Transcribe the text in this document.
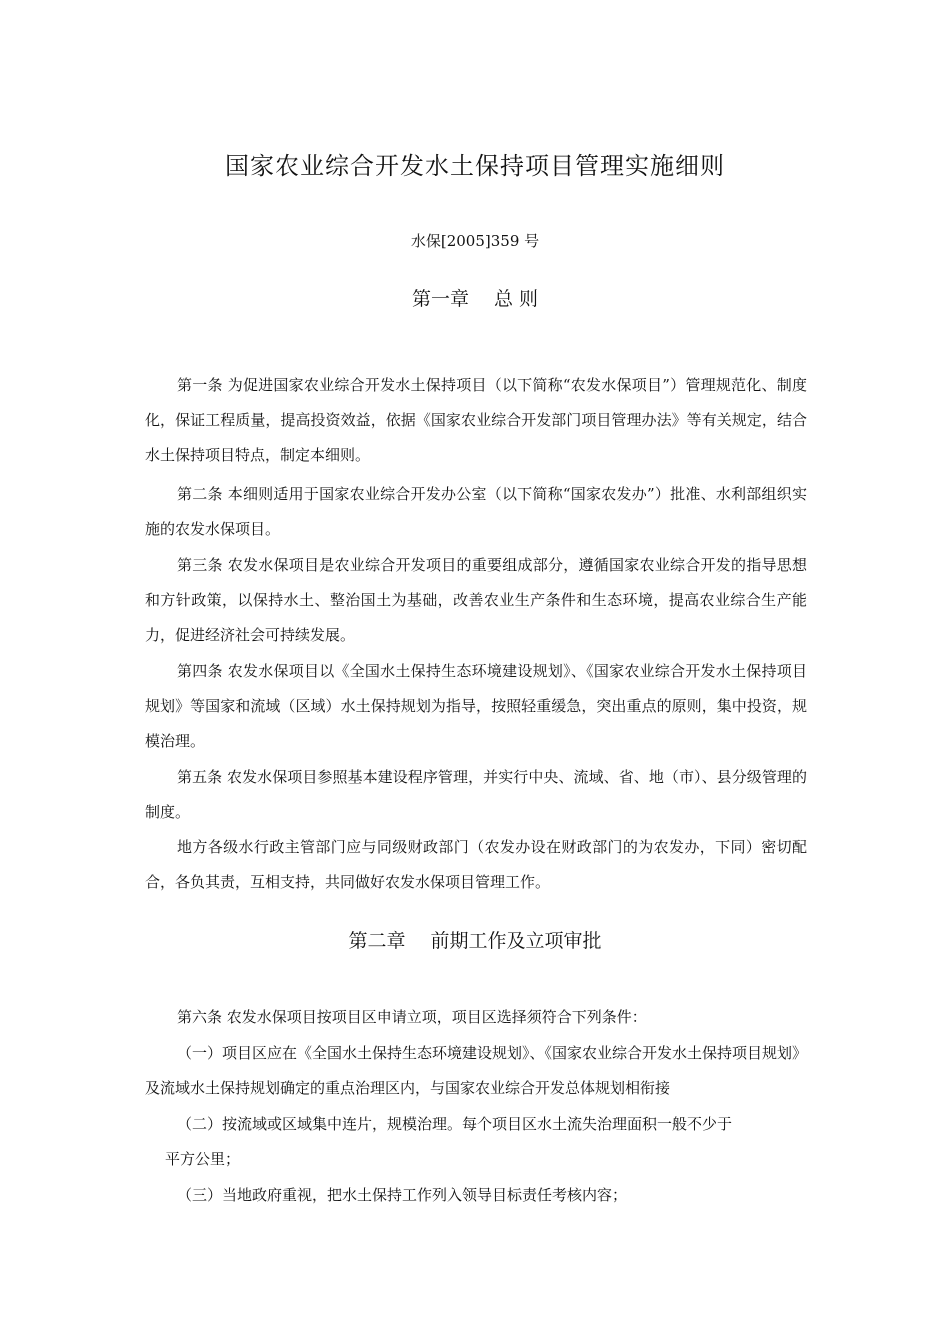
国家农业综合开发水土保持项目管理实施细则
水保[2005]359 号
第一章　 总 则

第一条 为促进国家农业综合开发水土保持项目（以下简称“农发水保项目”）管理规范化、制度化，保证工程质量，提高投资效益，依据《国家农业综合开发部门项目管理办法》等有关规定，结合水土保持项目特点，制定本细则。

第二条 本细则适用于国家农业综合开发办公室（以下简称“国家农发办”）批准、水利部组织实施的农发水保项目。

第三条 农发水保项目是农业综合开发项目的重要组成部分，遵循国家农业综合开发的指导思想和方针政策，以保持水土、整治国土为基础，改善农业生产条件和生态环境，提高农业综合生产能力，促进经济社会可持续发展。

第四条 农发水保项目以《全国水土保持生态环境建设规划》、《国家农业综合开发水土保持项目规划》等国家和流域（区域）水土保持规划为指导，按照轻重缓急，突出重点的原则，集中投资，规模治理。

第五条 农发水保项目参照基本建设程序管理，并实行中央、流域、省、地（市）、县分级管理的制度。

地方各级水行政主管部门应与同级财政部门（农发办设在财政部门的为农发办，下同）密切配合，各负其责，互相支持，共同做好农发水保项目管理工作。

第二章　 前期工作及立项审批

第六条 农发水保项目按项目区申请立项，项目区选择须符合下列条件：

（一）项目区应在《全国水土保持生态环境建设规划》、《国家农业综合开发水土保持项目规划》及流域水土保持规划确定的重点治理区内，与国家农业综合开发总体规划相衔接

（二）按流域或区域集中连片，规模治理。每个项目区水土流失治理面积一般不少于
平方公里；

（三）当地政府重视，把水土保持工作列入领导目标责任考核内容；
